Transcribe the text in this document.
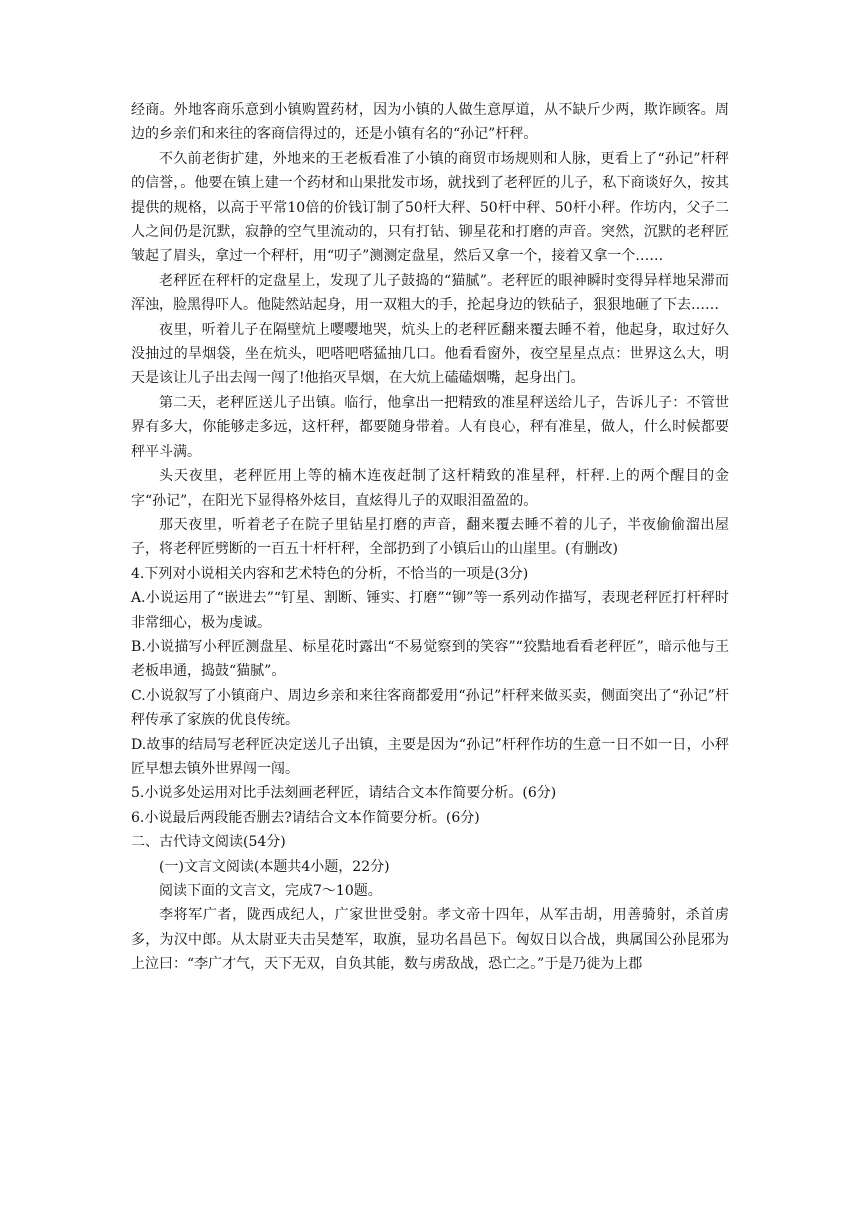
经商。外地客商乐意到小镇购置药材，因为小镇的人做生意厚道，从不缺斤少两，欺诈顾客。周边的乡亲们和来往的客商信得过的，还是小镇有名的“孙记”杆秤。

不久前老街扩建，外地来的王老板看准了小镇的商贸市场规则和人脉，更看上了“孙记”杆秤的信誉，。他要在镇上建一个药材和山果批发市场，就找到了老秤匠的儿子，私下商谈好久，按其提供的规格，以高于平常10倍的价钱订制了50杆大秤、50杆中秤、50杆小秤。作坊内，父子二人之间仍是沉默，寂静的空气里流动的，只有打钻、铆星花和打磨的声音。突然，沉默的老秤匠皱起了眉头，拿过一个秤杆，用“叨子”测测定盘星，然后又拿一个，接着又拿一个……

老秤匠在秤杆的定盘星上，发现了儿子鼓捣的“猫腻”。老秤匠的眼神瞬时变得异样地呆滞而浑浊，脸黑得吓人。他陡然站起身，用一双粗大的手，抡起身边的铁砧子，狠狠地砸了下去……

夜里，听着儿子在隔壁炕上嘤嘤地哭，炕头上的老秤匠翻来覆去睡不着，他起身，取过好久没抽过的旱烟袋，坐在炕头，吧嗒吧嗒猛抽几口。他看看窗外，夜空星星点点：世界这么大，明天是该让儿子出去闯一闯了!他掐灭旱烟，在大炕上磕磕烟嘴，起身出门。

第二天，老秤匠送儿子出镇。临行，他拿出一把精致的准星秤送给儿子，告诉儿子：不管世界有多大，你能够走多远，这杆秤，都要随身带着。人有良心，秤有准星，做人，什么时候都要秤平斗满。

头天夜里，老秤匠用上等的楠木连夜赶制了这杆精致的准星秤，杆秤.上的两个醒目的金字“孙记”，在阳光下显得格外炫目，直炫得儿子的双眼泪盈盈的。

那天夜里，听着老子在院子里钻星打磨的声音，翻来覆去睡不着的儿子，半夜偷偷溜出屋子，将老秤匠劈断的一百五十杆杆秤，全部扔到了小镇后山的山崖里。(有删改)

4.下列对小说相关内容和艺术特色的分析，不恰当的一项是(3分)

A.小说运用了“嵌进去”“钉星、割断、锤实、打磨”“铆”等一系列动作描写，表现老秤匠打杆秤时非常细心，极为虔诚。

B.小说描写小秤匠测盘星、标星花时露出“不易觉察到的笑容”“狡黠地看看老秤匠”，暗示他与王老板串通，捣鼓“猫腻”。

C.小说叙写了小镇商户、周边乡亲和来往客商都爱用“孙记”杆秤来做买卖，侧面突出了“孙记”杆秤传承了家族的优良传统。

D.故事的结局写老秤匠决定送儿子出镇，主要是因为“孙记”杆秤作坊的生意一日不如一日，小秤匠早想去镇外世界闯一闯。

5.小说多处运用对比手法刻画老秤匠，请结合文本作简要分析。(6分)

6.小说最后两段能否删去?请结合文本作简要分析。(6分)

二、古代诗文阅读(54分)

(一)文言文阅读(本题共4小题，22分)

阅读下面的文言文，完成7～10题。

李将军广者，陇西成纪人，广家世世受射。孝文帝十四年，从军击胡，用善骑射，杀首虏多，为汉中郎。从太尉亚夫击吴楚军，取旗，显功名昌邑下。匈奴日以合战，典属国公孙昆邪为上泣曰：“李广才气，天下无双，自负其能，数与虏敌战，恐亡之。”于是乃徙为上郡
